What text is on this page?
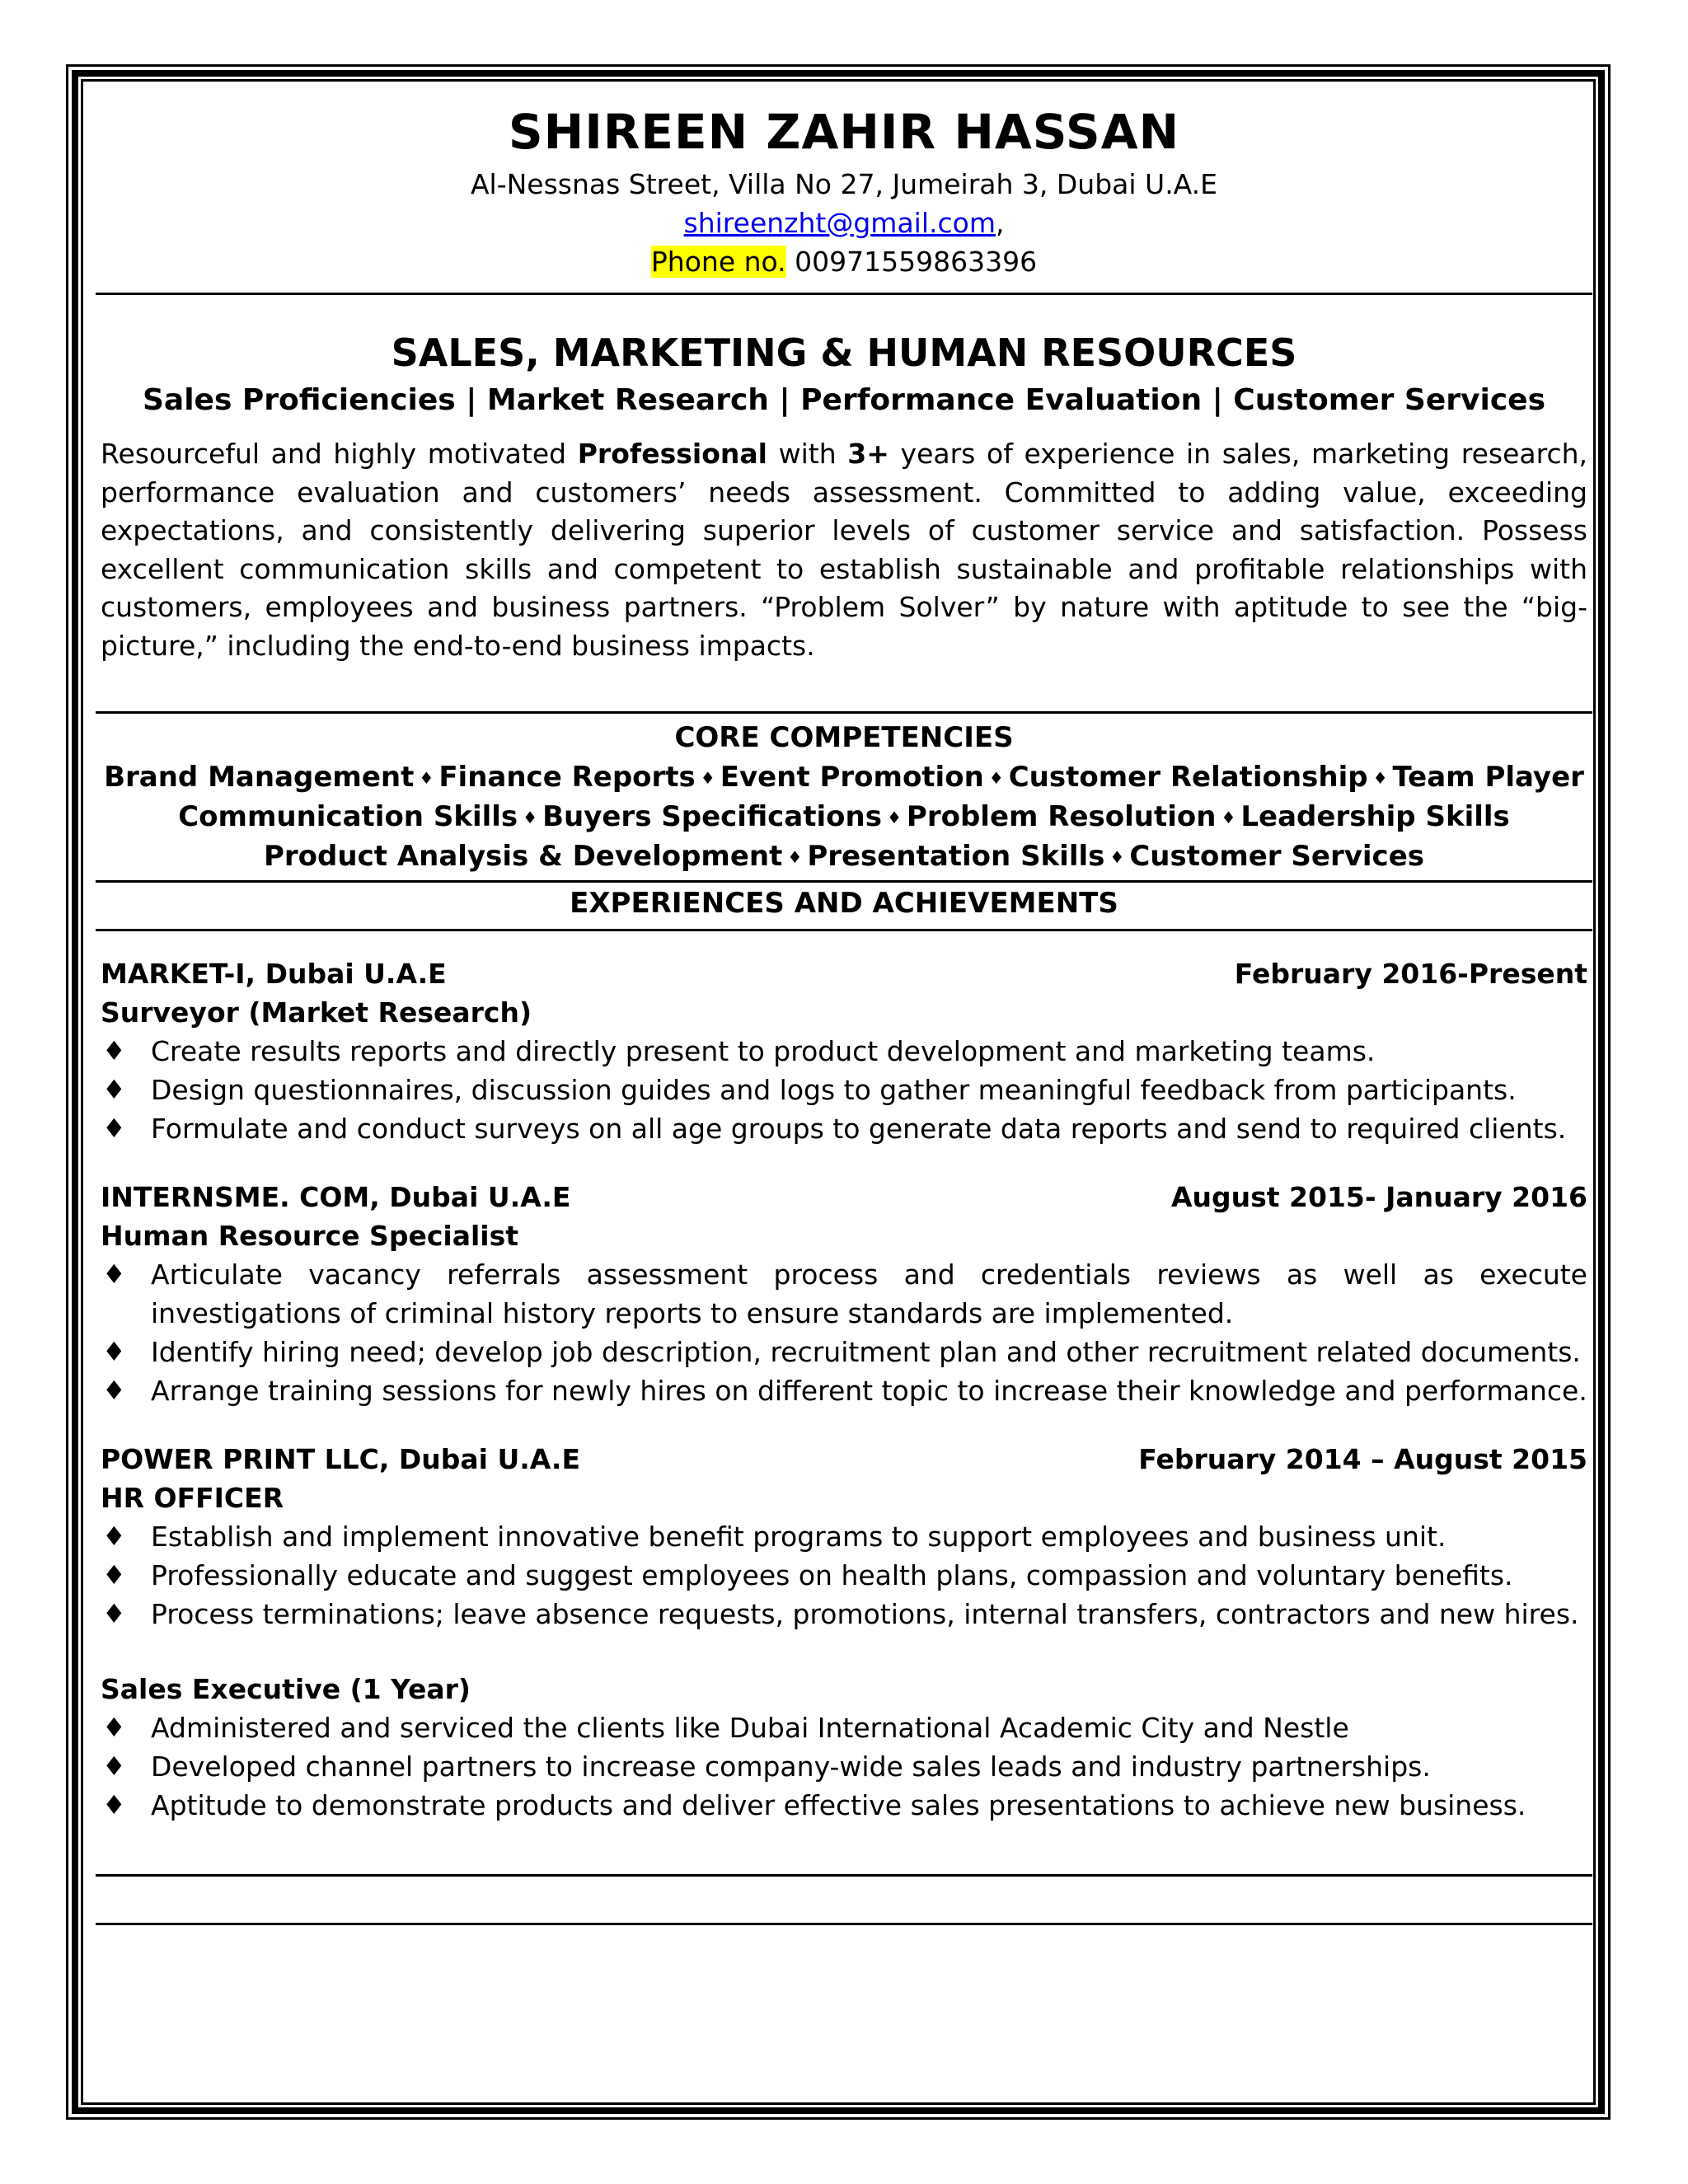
SHIREEN ZAHIR HASSAN
Al-Nessnas Street, Villa No 27, Jumeirah 3, Dubai U.A.E
shireenzht@gmail.com,
Phone no. 00971559863396
SALES, MARKETING & HUMAN RESOURCES
Sales Proficiencies | Market Research | Performance Evaluation | Customer Services
Resourceful and highly motivated Professional with 3+ years of experience in sales, marketing research, performance evaluation and customers’ needs assessment. Committed to adding value, exceeding expectations, and consistently delivering superior levels of customer service and satisfaction. Possess excellent communication skills and competent to establish sustainable and profitable relationships with customers, employees and business partners. “Problem Solver” by nature with aptitude to see the “big-picture,” including the end-to-end business impacts.
CORE COMPETENCIES
Brand Management ♦ Finance Reports ♦ Event Promotion ♦ Customer Relationship ♦ Team Player
Communication Skills ♦ Buyers Specifications ♦ Problem Resolution ♦ Leadership Skills
Product Analysis & Development ♦ Presentation Skills ♦ Customer Services
EXPERIENCES AND ACHIEVEMENTS
MARKET-I, Dubai U.A.E	February 2016-Present
Surveyor (Market Research)
♦ Create results reports and directly present to product development and marketing teams.
♦ Design questionnaires, discussion guides and logs to gather meaningful feedback from participants.
♦ Formulate and conduct surveys on all age groups to generate data reports and send to required clients.
INTERNSME. COM, Dubai U.A.E	August 2015- January 2016
Human Resource Specialist
♦ Articulate vacancy referrals assessment process and credentials reviews as well as execute investigations of criminal history reports to ensure standards are implemented.
♦ Identify hiring need; develop job description, recruitment plan and other recruitment related documents.
♦ Arrange training sessions for newly hires on different topic to increase their knowledge and performance.
POWER PRINT LLC, Dubai U.A.E	February 2014 – August 2015
HR OFFICER
♦ Establish and implement innovative benefit programs to support employees and business unit.
♦ Professionally educate and suggest employees on health plans, compassion and voluntary benefits.
♦ Process terminations; leave absence requests, promotions, internal transfers, contractors and new hires.
Sales Executive (1 Year)
♦ Administered and serviced the clients like Dubai International Academic City and Nestle
♦ Developed channel partners to increase company-wide sales leads and industry partnerships.
♦ Aptitude to demonstrate products and deliver effective sales presentations to achieve new business.
